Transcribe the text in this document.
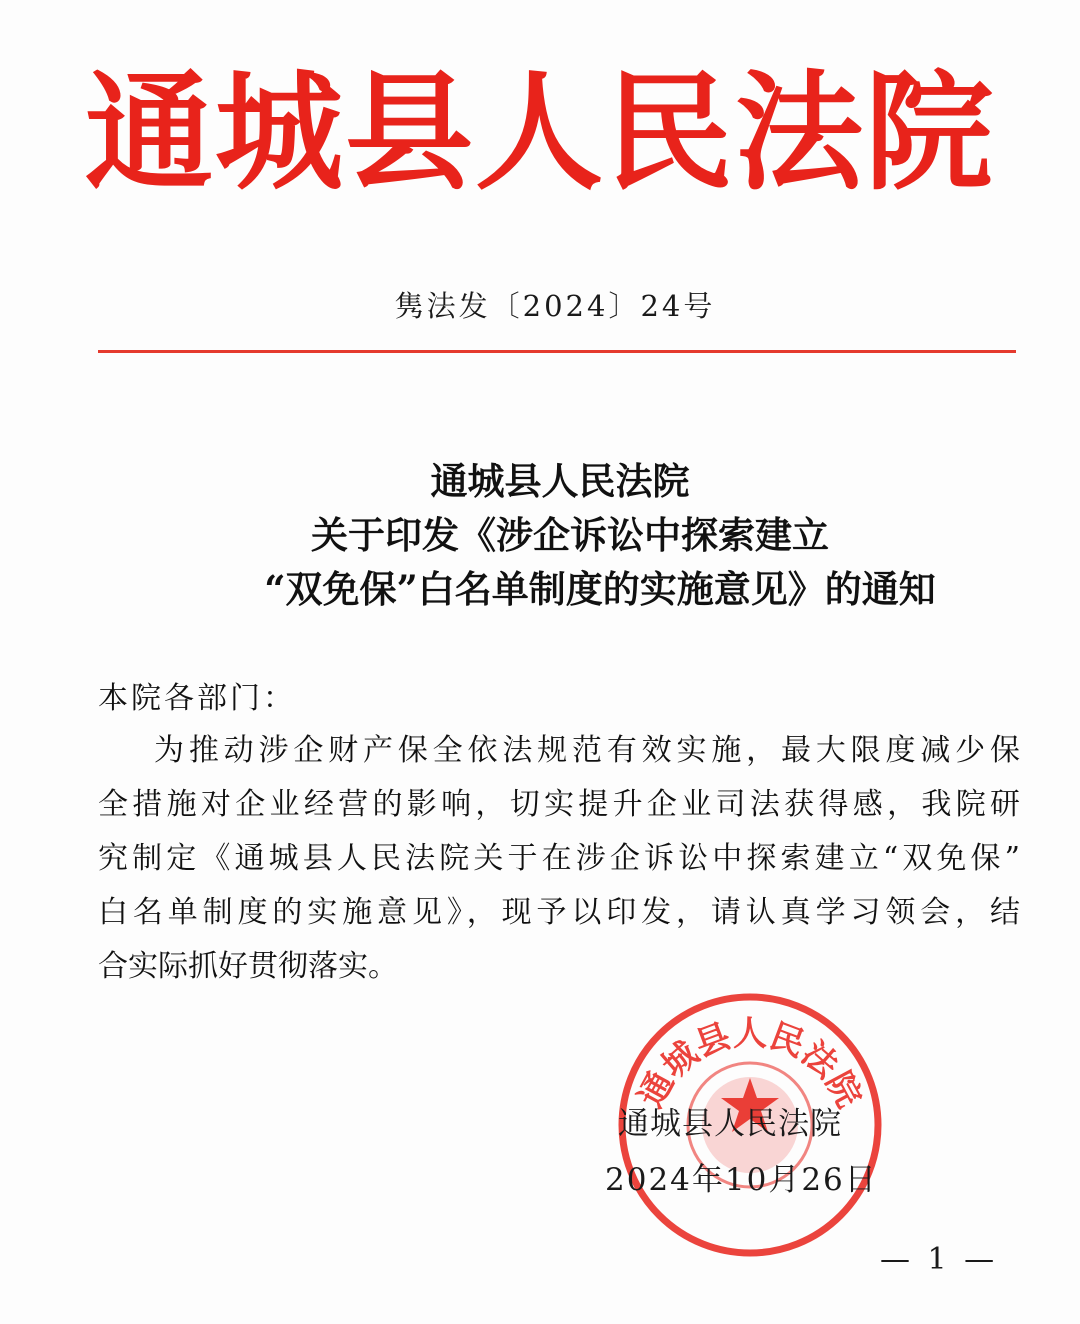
通城县人民法院
隽法发〔2024〕24号
通城县人民法院
关于印发《涉企诉讼中探索建立
“双免保”白名单制度的实施意见》的通知
本院各部门：
为推动涉企财产保全依法规范有效实施，最大限度减少保
全措施对企业经营的影响，切实提升企业司法获得感，我院研
究制定《通城县人民法院关于在涉企诉讼中探索建立“双免保”
白名单制度的实施意见》，现予以印发，请认真学习领会，结
合实际抓好贯彻落实。
通城县人民法院
通城县人民法院
2024年10月26日
— 1 —
